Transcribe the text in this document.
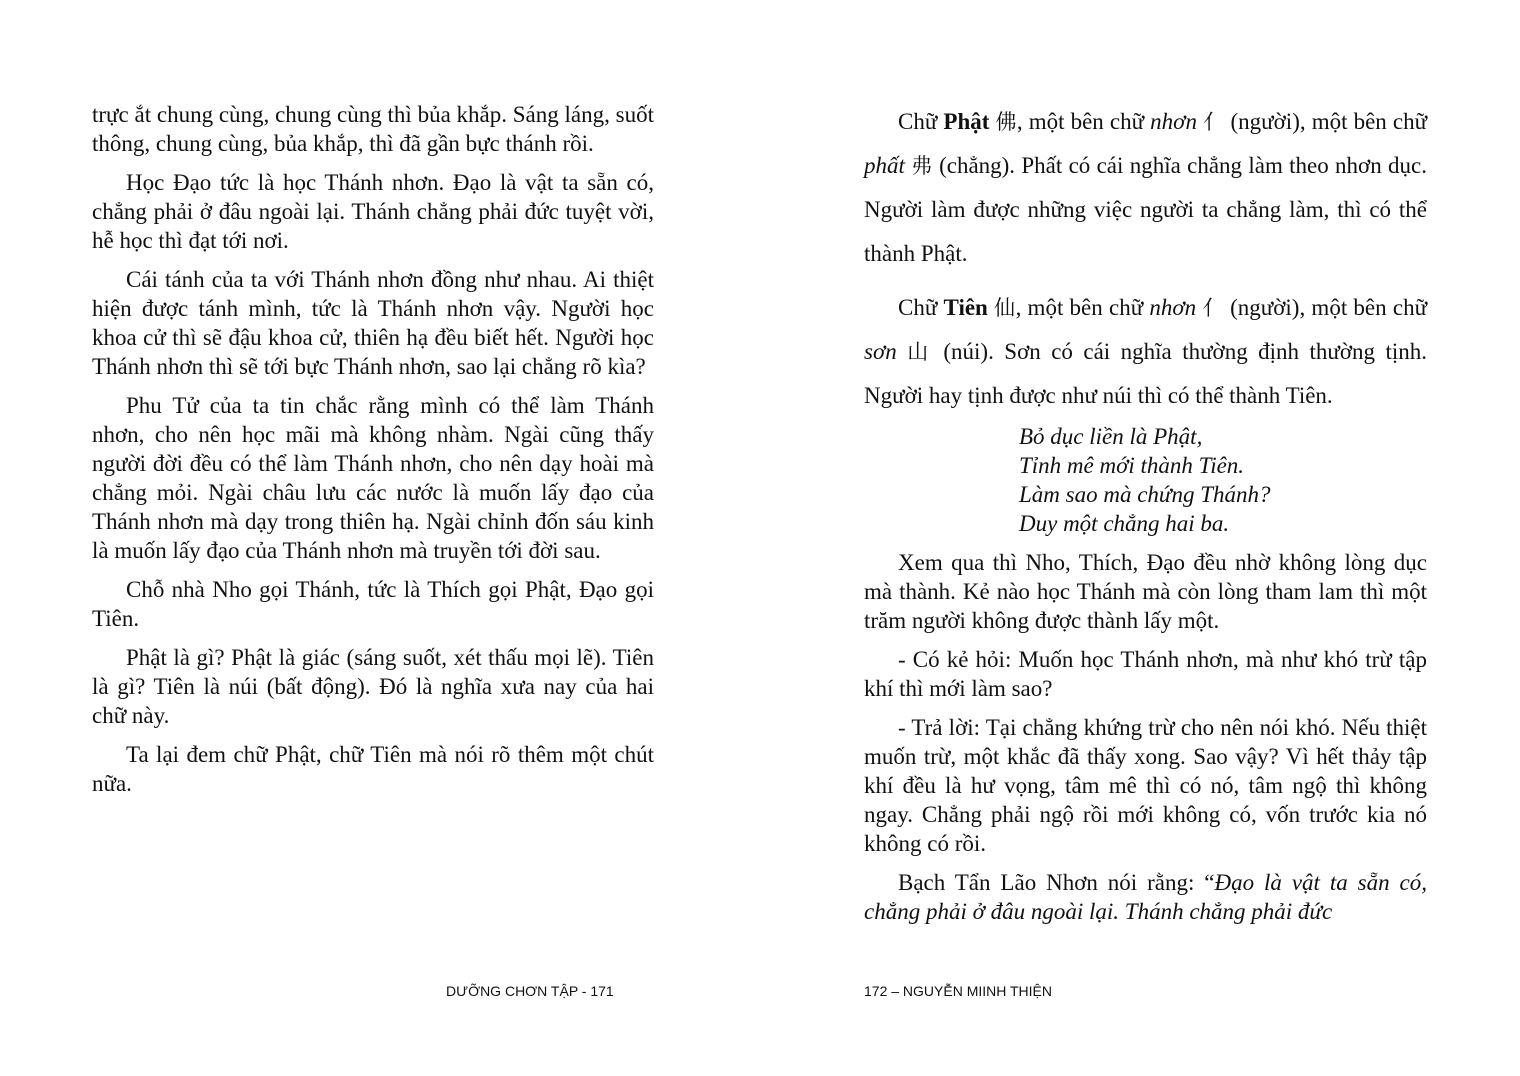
trực ắt chung cùng, chung cùng thì bủa khắp. Sáng láng, suốt thông, chung cùng, bủa khắp, thì đã gần bực thánh rồi.

Học Đạo tức là học Thánh nhơn. Đạo là vật ta sẵn có, chẳng phải ở đâu ngoài lại. Thánh chẳng phải đức tuyệt vời, hễ học thì đạt tới nơi.

Cái tánh của ta với Thánh nhơn đồng như nhau. Ai thiệt hiện được tánh mình, tức là Thánh nhơn vậy. Người học khoa cử thì sẽ đậu khoa cử, thiên hạ đều biết hết. Người học Thánh nhơn thì sẽ tới bực Thánh nhơn, sao lại chẳng rõ kìa?

Phu Tử của ta tin chắc rằng mình có thể làm Thánh nhơn, cho nên học mãi mà không nhàm. Ngài cũng thấy người đời đều có thể làm Thánh nhơn, cho nên dạy hoài mà chẳng mỏi. Ngài châu lưu các nước là muốn lấy đạo của Thánh nhơn mà dạy trong thiên hạ. Ngài chỉnh đốn sáu kinh là muốn lấy đạo của Thánh nhơn mà truyền tới đời sau.

Chỗ nhà Nho gọi Thánh, tức là Thích gọi Phật, Đạo gọi Tiên.

Phật là gì? Phật là giác (sáng suốt, xét thấu mọi lẽ). Tiên là gì? Tiên là núi (bất động). Đó là nghĩa xưa nay của hai chữ này.

Ta lại đem chữ Phật, chữ Tiên mà nói rõ thêm một chút nữa.

Chữ Phật 佛, một bên chữ nhơn 亻 (người), một bên chữ phất 弗 (chẳng). Phất có cái nghĩa chẳng làm theo nhơn dục. Người làm được những việc người ta chẳng làm, thì có thể thành Phật.

Chữ Tiên 仙, một bên chữ nhơn 亻 (người), một bên chữ sơn 山 (núi). Sơn có cái nghĩa thường định thường tịnh. Người hay tịnh được như núi thì có thể thành Tiên.

Bỏ dục liền là Phật,
Tỉnh mê mới thành Tiên.
Làm sao mà chứng Thánh?
Duy một chẳng hai ba.

Xem qua thì Nho, Thích, Đạo đều nhờ không lòng dục mà thành. Kẻ nào học Thánh mà còn lòng tham lam thì một trăm người không được thành lấy một.

- Có kẻ hỏi: Muốn học Thánh nhơn, mà như khó trừ tập khí thì mới làm sao?

- Trả lời: Tại chẳng khứng trừ cho nên nói khó. Nếu thiệt muốn trừ, một khắc đã thấy xong. Sao vậy? Vì hết thảy tập khí đều là hư vọng, tâm mê thì có nó, tâm ngộ thì không ngay. Chẳng phải ngộ rồi mới không có, vốn trước kia nó không có rồi.

Bạch Tẩn Lão Nhơn nói rằng: “Đạo là vật ta sẵn có, chẳng phải ở đâu ngoài lại. Thánh chẳng phải đức

DƯỠNG CHƠN TẬP - 171	172 – NGUYỄN MIINH THIỆN
